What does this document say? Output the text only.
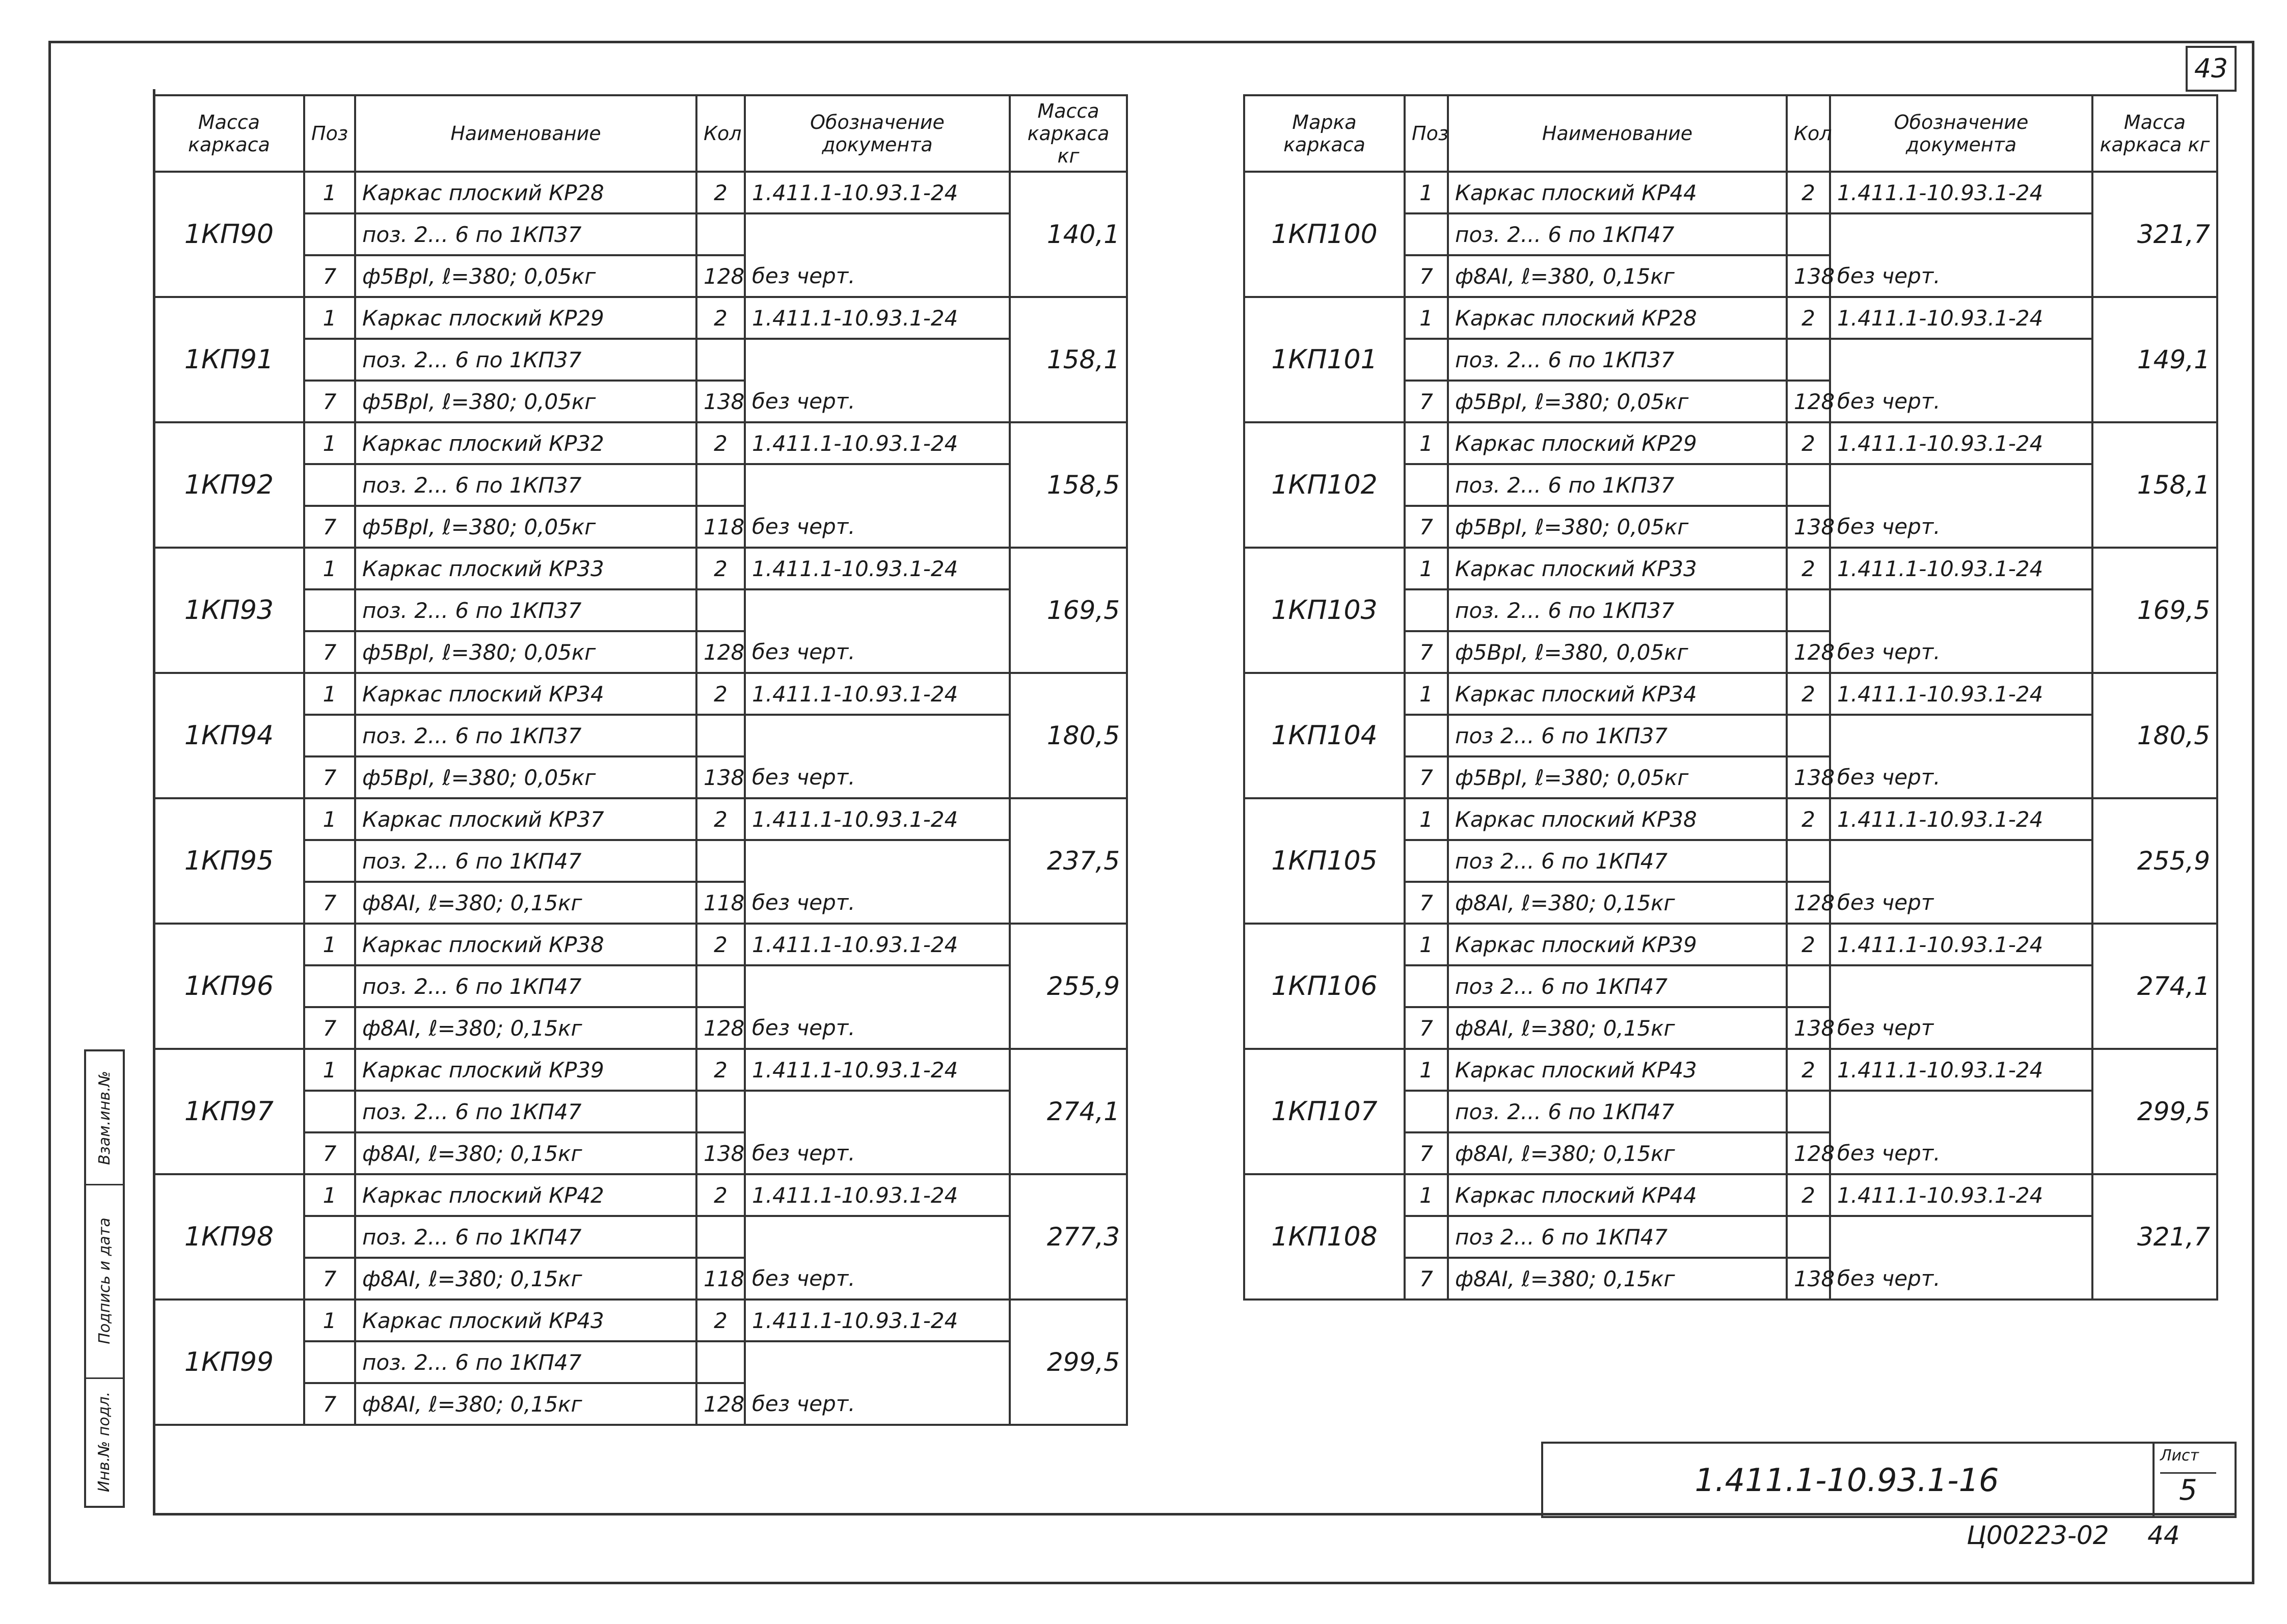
43
Масса каркаса	Поз	Наименование	Кол	Обозначение документа	Масса каркаса кг
1КП90	1	Каркас плоский КР28	2	1.411.1-10.93.1-24	140,1
		поз. 2... 6 по 1КП37			
	7	ф5ВрI, ℓ=380; 0,05кг	128	без черт.	
1КП91	1	Каркас плоский КР29	2	1.411.1-10.93.1-24	158,1
		поз. 2... 6 по 1КП37			
	7	ф5ВрI, ℓ=380; 0,05кг	138	без черт.	
1КП92	1	Каркас плоский КР32	2	1.411.1-10.93.1-24	158,5
		поз. 2... 6 по 1КП37			
	7	ф5ВрI, ℓ=380; 0,05кг	118	без черт.	
1КП93	1	Каркас плоский КР33	2	1.411.1-10.93.1-24	169,5
		поз. 2... 6 по 1КП37			
	7	ф5ВрI, ℓ=380; 0,05кг	128	без черт.	
1КП94	1	Каркас плоский КР34	2	1.411.1-10.93.1-24	180,5
		поз. 2... 6 по 1КП37			
	7	ф5ВрI, ℓ=380; 0,05кг	138	без черт.	
1КП95	1	Каркас плоский КР37	2	1.411.1-10.93.1-24	237,5
		поз. 2... 6 по 1КП47			
	7	ф8АI, ℓ=380; 0,15кг	118	без черт.	
1КП96	1	Каркас плоский КР38	2	1.411.1-10.93.1-24	255,9
		поз. 2... 6 по 1КП47			
	7	ф8АI, ℓ=380; 0,15кг	128	без черт.	
1КП97	1	Каркас плоский КР39	2	1.411.1-10.93.1-24	274,1
		поз. 2... 6 по 1КП47			
	7	ф8АI, ℓ=380; 0,15кг	138	без черт.	
1КП98	1	Каркас плоский КР42	2	1.411.1-10.93.1-24	277,3
		поз. 2... 6 по 1КП47			
	7	ф8АI, ℓ=380; 0,15кг	118	без черт.	
1КП99	1	Каркас плоский КР43	2	1.411.1-10.93.1-24	299,5
		поз. 2... 6 по 1КП47			
	7	ф8АI, ℓ=380; 0,15кг	128	без черт.	
Марка каркаса	Поз	Наименование	Кол	Обозначение документа	Масса каркаса кг
1КП100	1	Каркас плоский КР44	2	1.411.1-10.93.1-24	321,7
		поз. 2... 6 по 1КП47			
	7	ф8АI, ℓ=380, 0,15кг	138	без черт.	
1КП101	1	Каркас плоский КР28	2	1.411.1-10.93.1-24	149,1
		поз. 2... 6 по 1КП37			
	7	ф5ВрI, ℓ=380; 0,05кг	128	без черт.	
1КП102	1	Каркас плоский КР29	2	1.411.1-10.93.1-24	158,1
		поз. 2... 6 по 1КП37			
	7	ф5ВрI, ℓ=380; 0,05кг	138	без черт.	
1КП103	1	Каркас плоский КР33	2	1.411.1-10.93.1-24	169,5
		поз. 2... 6 по 1КП37			
	7	ф5ВрI, ℓ=380, 0,05кг	128	без черт.	
1КП104	1	Каркас плоский КР34	2	1.411.1-10.93.1-24	180,5
		поз 2... 6 по 1КП37			
	7	ф5ВрI, ℓ=380; 0,05кг	138	без черт.	
1КП105	1	Каркас плоский КР38	2	1.411.1-10.93.1-24	255,9
		поз 2... 6 по 1КП47			
	7	ф8АI, ℓ=380; 0,15кг	128	без черт	
1КП106	1	Каркас плоский КР39	2	1.411.1-10.93.1-24	274,1
		поз 2... 6 по 1КП47			
	7	ф8АI, ℓ=380; 0,15кг	138	без черт	
1КП107	1	Каркас плоский КР43	2	1.411.1-10.93.1-24	299,5
		поз. 2... 6 по 1КП47			
	7	ф8АI, ℓ=380; 0,15кг	128	без черт.	
1КП108	1	Каркас плоский КР44	2	1.411.1-10.93.1-24	321,7
		поз 2... 6 по 1КП47			
	7	ф8АI, ℓ=380; 0,15кг	138	без черт.	
1.411.1-10.93.1-16
Лист
5
Ц00223-02 44
Взам.инв.№
Подпись и дата
Инв.№ подл.
